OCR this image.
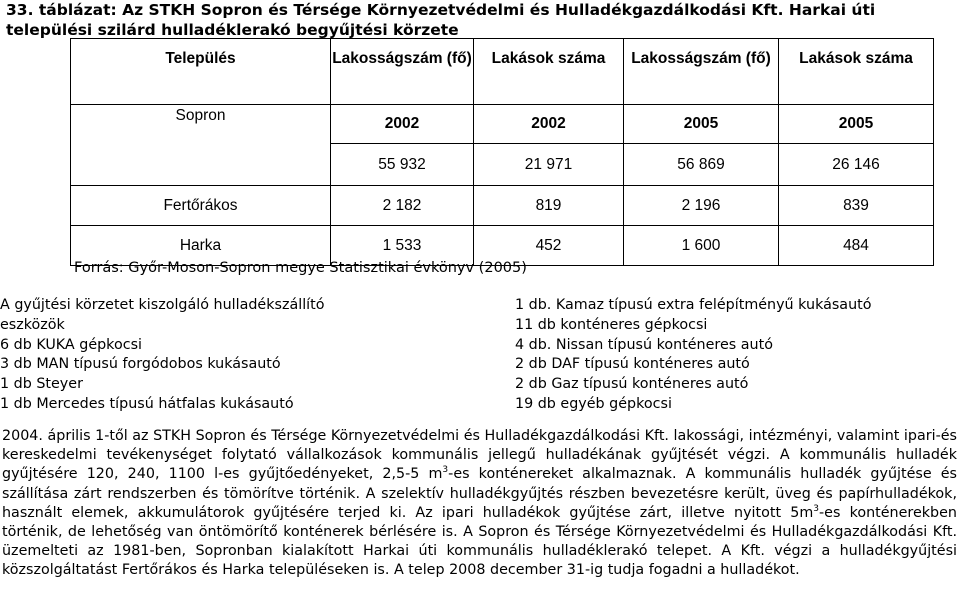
33. táblázat: Az STKH Sopron és Térsége Környezetvédelmi és Hulladékgazdálkodási Kft. Harkai úti települési szilárd hulladéklerakó begyűjtési körzete
Település	Lakosságszám (fő)	Lakások száma	Lakosságszám (fő)	Lakások száma
Sopron	2002	2002	2005	2005
	55 932	21 971	56 869	26 146
Fertőrákos	2 182	819	2 196	839
Harka	1 533	452	1 600	484
Forrás: Győr-Moson-Sopron megye Statisztikai évkönyv (2005)
A gyűjtési körzetet kiszolgáló hulladékszállító
eszközök
6 db KUKA gépkocsi
3 db MAN típusú forgódobos kukásautó
1 db Steyer
1 db Mercedes típusú hátfalas kukásautó
1 db. Kamaz típusú extra felépítményű kukásautó
11 db konténeres gépkocsi
4 db. Nissan típusú konténeres autó
2 db DAF típusú konténeres autó
2 db Gaz típusú konténeres autó
19 db egyéb gépkocsi
2004. április 1-től az STKH Sopron és Térsége Környezetvédelmi és Hulladékgazdálkodási Kft. lakossági, intézményi, valamint ipari-és kereskedelmi tevékenységet folytató vállalkozások kommunális jellegű hulladékának gyűjtését végzi. A kommunális hulladék gyűjtésére 120, 240, 1100 l-es gyűjtőedényeket, 2,5-5 $m^3-es$ konténereket alkalmaznak. A kommunális hulladék gyűjtése és szállítása zárt rendszerben és tömörítve történik. A szelektív hulladékgyűjtés részben bevezetésre került, üveg és papírhulladékok, használt elemek, akkumulátorok gyűjtésére terjed ki. Az ipari hulladékok gyűjtése zárt, illetve nyitott $5m^3-es$ konténerekben történik, de lehetőség van öntömörítő konténerek bérlésére is. A Sopron és Térsége Környezetvédelmi és Hulladékgazdálkodási Kft. üzemelteti az 1981-ben, Sopronban kialakított Harkai úti kommunális hulladéklerakó telepet. A Kft. végzi a hulladékgyűjtési közszolgáltatást Fertőrákos és Harka településeken is. A telep 2008 december 31-ig tudja fogadni a hulladékot.
